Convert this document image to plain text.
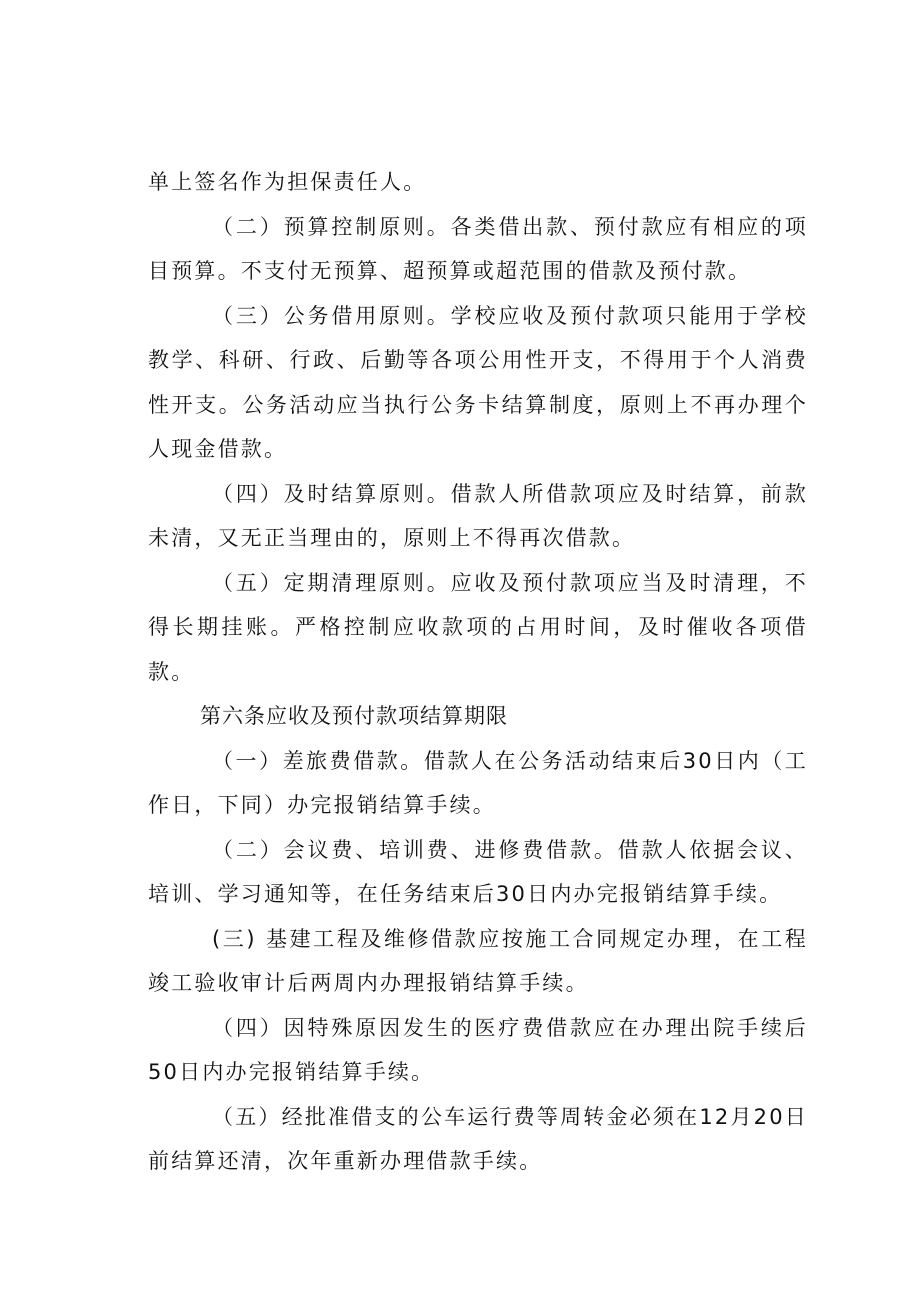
单上签名作为担保责任人。

（二）预算控制原则。各类借出款、预付款应有相应的项目预算。不支付无预算、超预算或超范围的借款及预付款。

（三）公务借用原则。学校应收及预付款项只能用于学校教学、科研、行政、后勤等各项公用性开支，不得用于个人消费性开支。公务活动应当执行公务卡结算制度，原则上不再办理个人现金借款。

（四）及时结算原则。借款人所借款项应及时结算，前款未清，又无正当理由的，原则上不得再次借款。

（五）定期清理原则。应收及预付款项应当及时清理，不得长期挂账。严格控制应收款项的占用时间，及时催收各项借款。

第六条应收及预付款项结算期限

（一）差旅费借款。借款人在公务活动结束后30日内（工作日，下同）办完报销结算手续。

（二）会议费、培训费、进修费借款。借款人依据会议、培训、学习通知等，在任务结束后30日内办完报销结算手续。

(三) 基建工程及维修借款应按施工合同规定办理，在工程竣工验收审计后两周内办理报销结算手续。

（四）因特殊原因发生的医疗费借款应在办理出院手续后50日内办完报销结算手续。

（五）经批准借支的公车运行费等周转金必须在12月20日前结算还清，次年重新办理借款手续。
